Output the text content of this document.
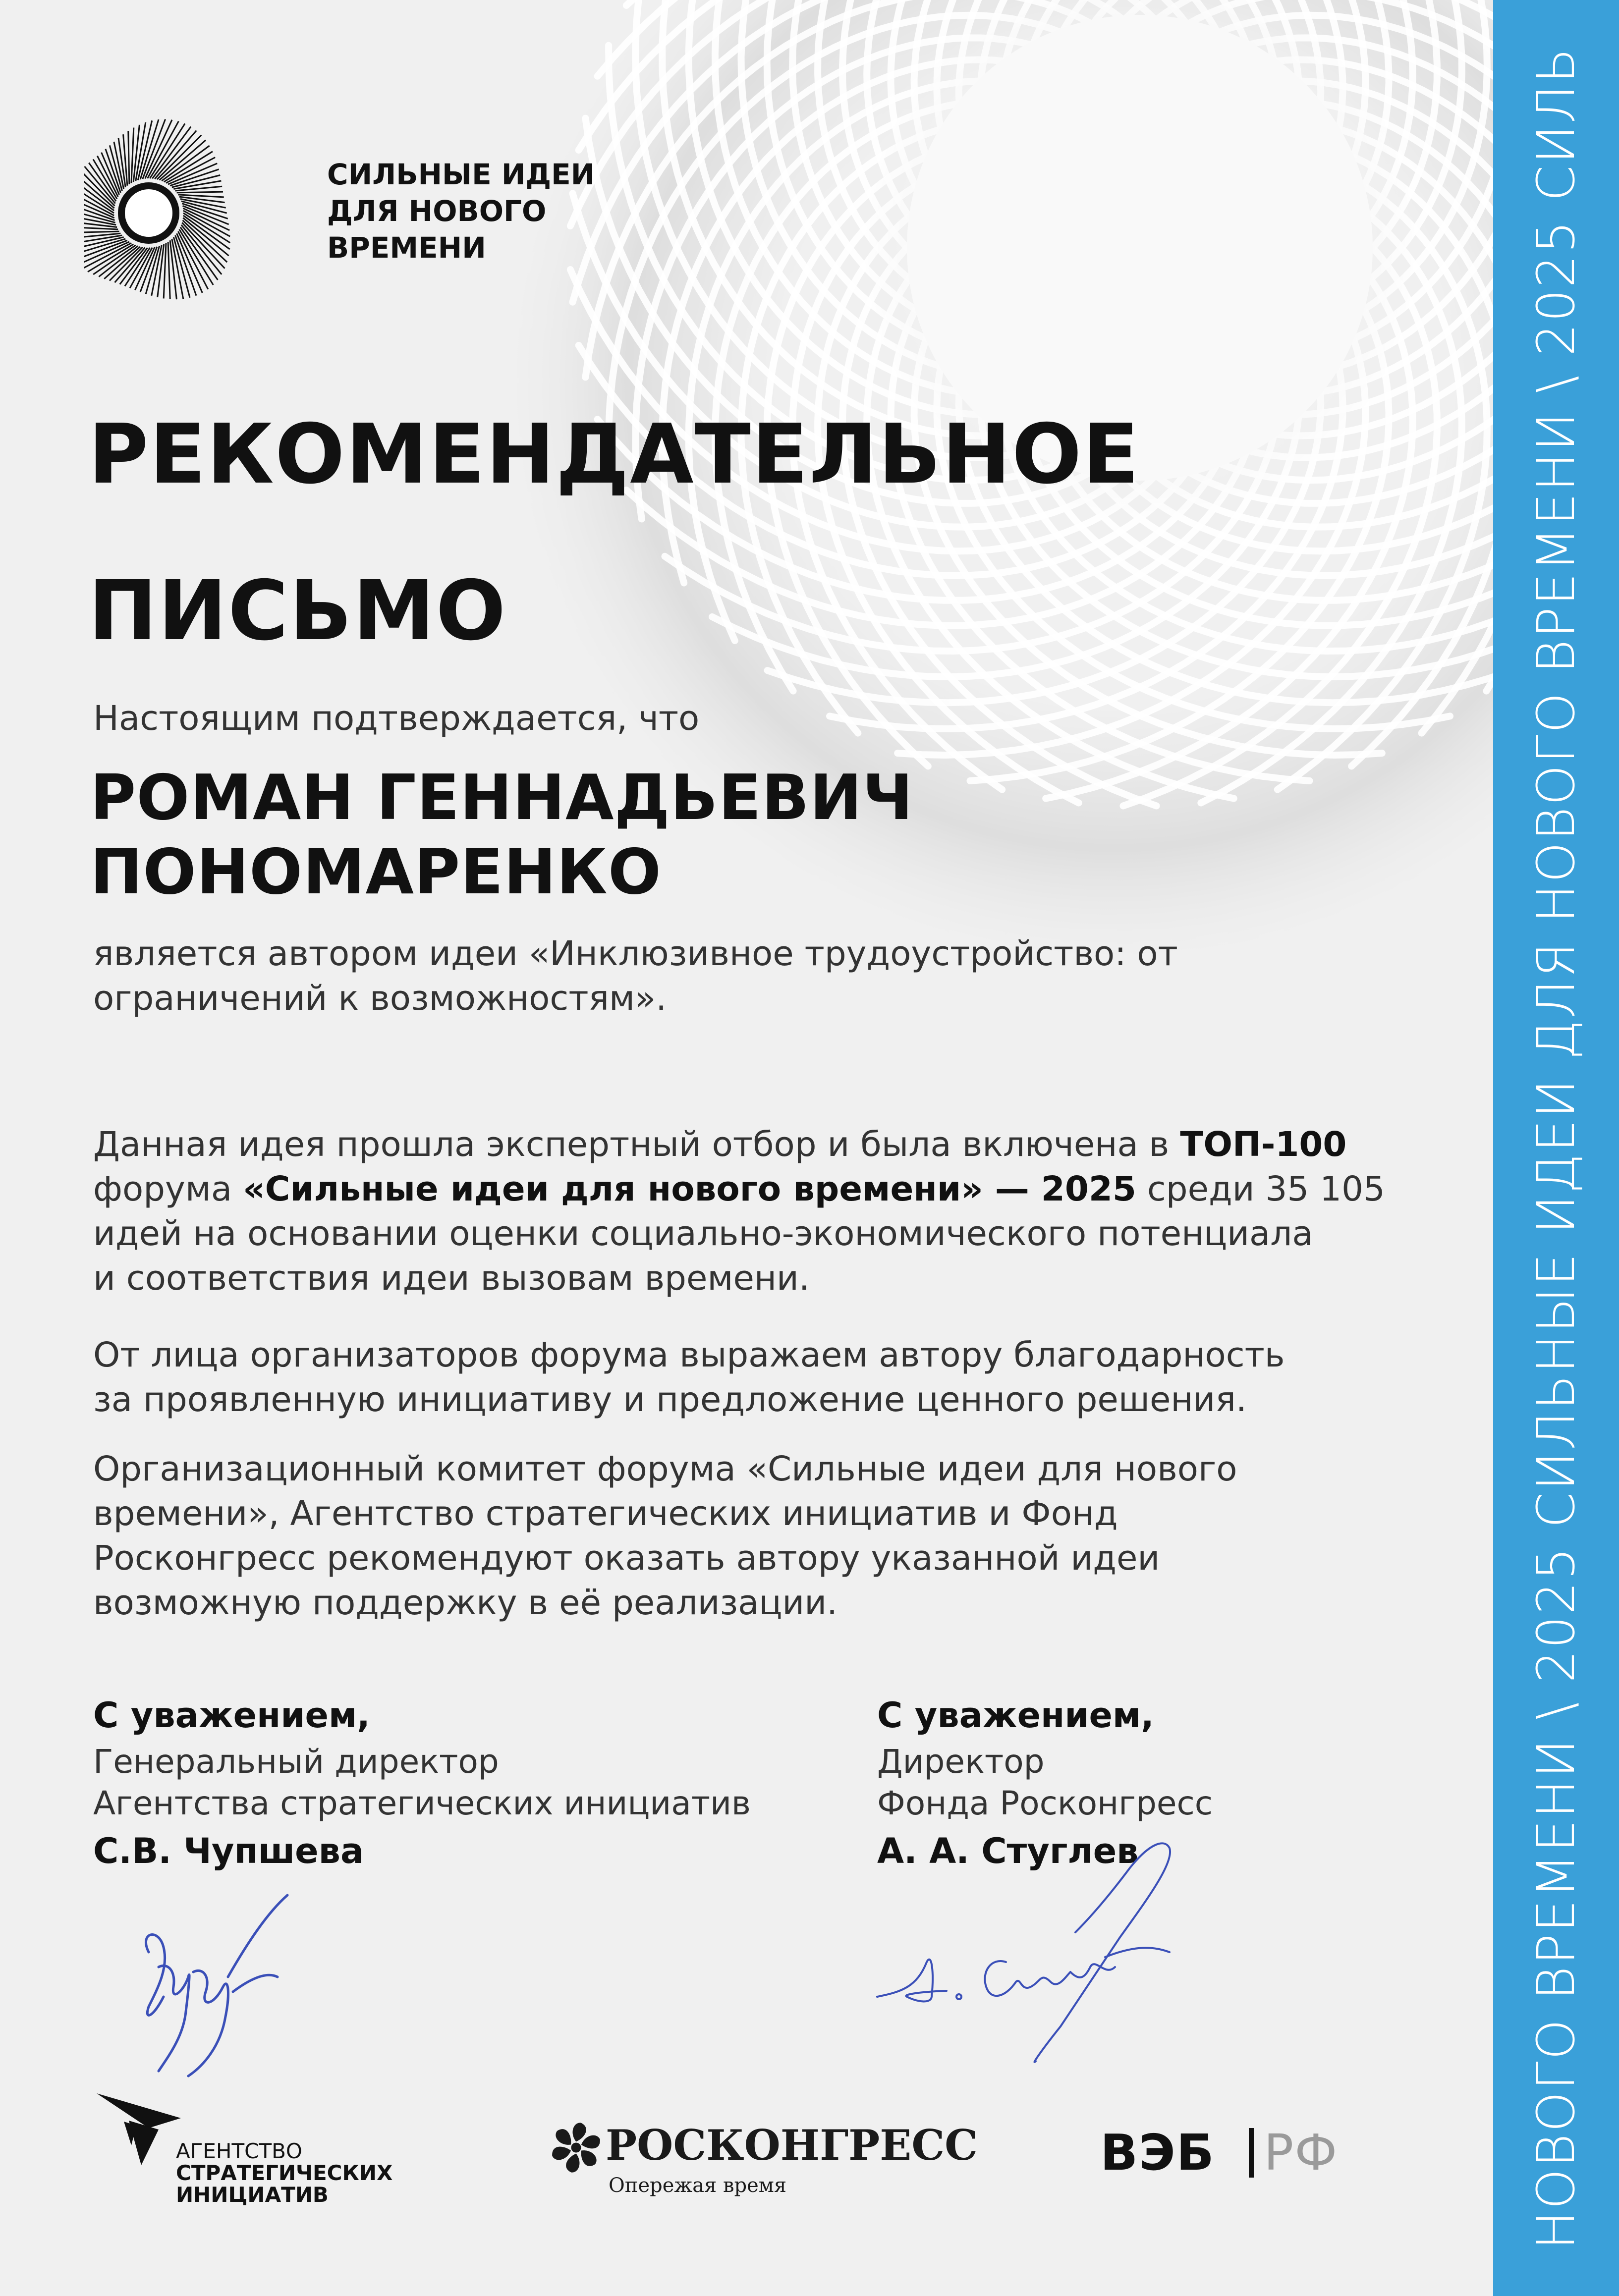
НОВОГО ВРЕМЕНИ \ 2025 СИЛЬНЫЕ ИДЕИ ДЛЯ НОВОГО ВРЕМЕНИ \ 2025 СИЛЬ
СИЛЬНЫЕ ИДЕИ
ДЛЯ НОВОГО
ВРЕМЕНИ
РЕКОМЕНДАТЕЛЬНОЕ
ПИСЬМО
Настоящим подтверждается, что
РОМАН ГЕННАДЬЕВИЧ
ПОНОМАРЕНКО
является автором идеи «Инклюзивное трудоустройство: от
ограничений к возможностям».
Данная идея прошла экспертный отбор и была включена в ТОП-100
форума «Сильные идеи для нового времени» — 2025 среди 35 105
идей на основании оценки социально-экономического потенциала
и соответствия идеи вызовам времени.
От лица организаторов форума выражаем автору благодарность
за проявленную инициативу и предложение ценного решения.
Организационный комитет форума «Сильные идеи для нового
времени», Агентство стратегических инициатив и Фонд
Росконгресс рекомендуют оказать автору указанной идеи
возможную поддержку в её реализации.
С уважением,
Генеральный директор
Агентства стратегических инициатив
С.В. Чупшева
С уважением,
Директор
Фонда Росконгресс
А. А. Стуглев
АГЕНТСТВО
СТРАТЕГИЧЕСКИХ
ИНИЦИАТИВ
РОСКОНГРЕСС
Опережая время
ВЭБ РФ
